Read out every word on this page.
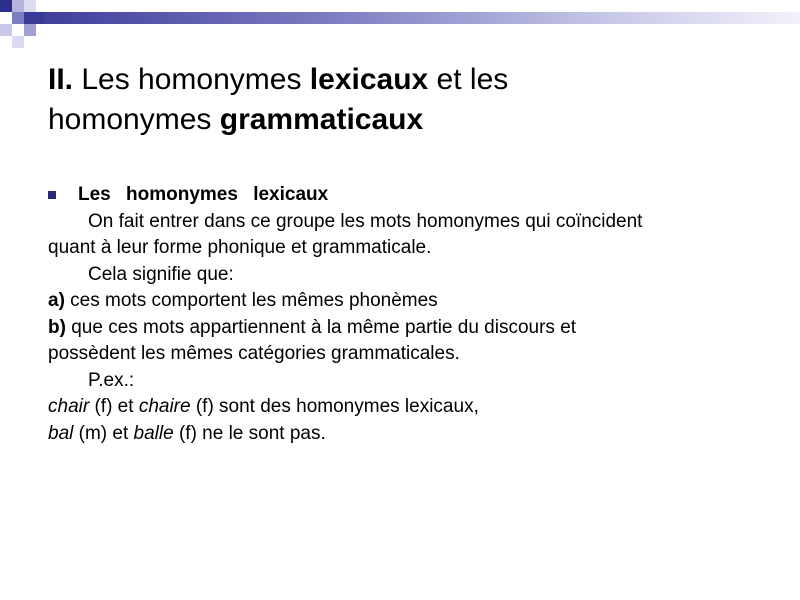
II. Les homonymes lexicaux et les
homonymes grammaticaux
Les homonymes lexicaux
On fait entrer dans ce groupe les mots homonymes qui coïncident
quant à leur forme phonique et grammaticale.
Cela signifie que:
a) ces mots comportent les mêmes phonèmes
b) que ces mots appartiennent à la même partie du discours et
possèdent les mêmes catégories grammaticales.
P.ex.:
chair (f) et chaire (f) sont des homonymes lexicaux,
bal (m) et balle (f) ne le sont pas.
